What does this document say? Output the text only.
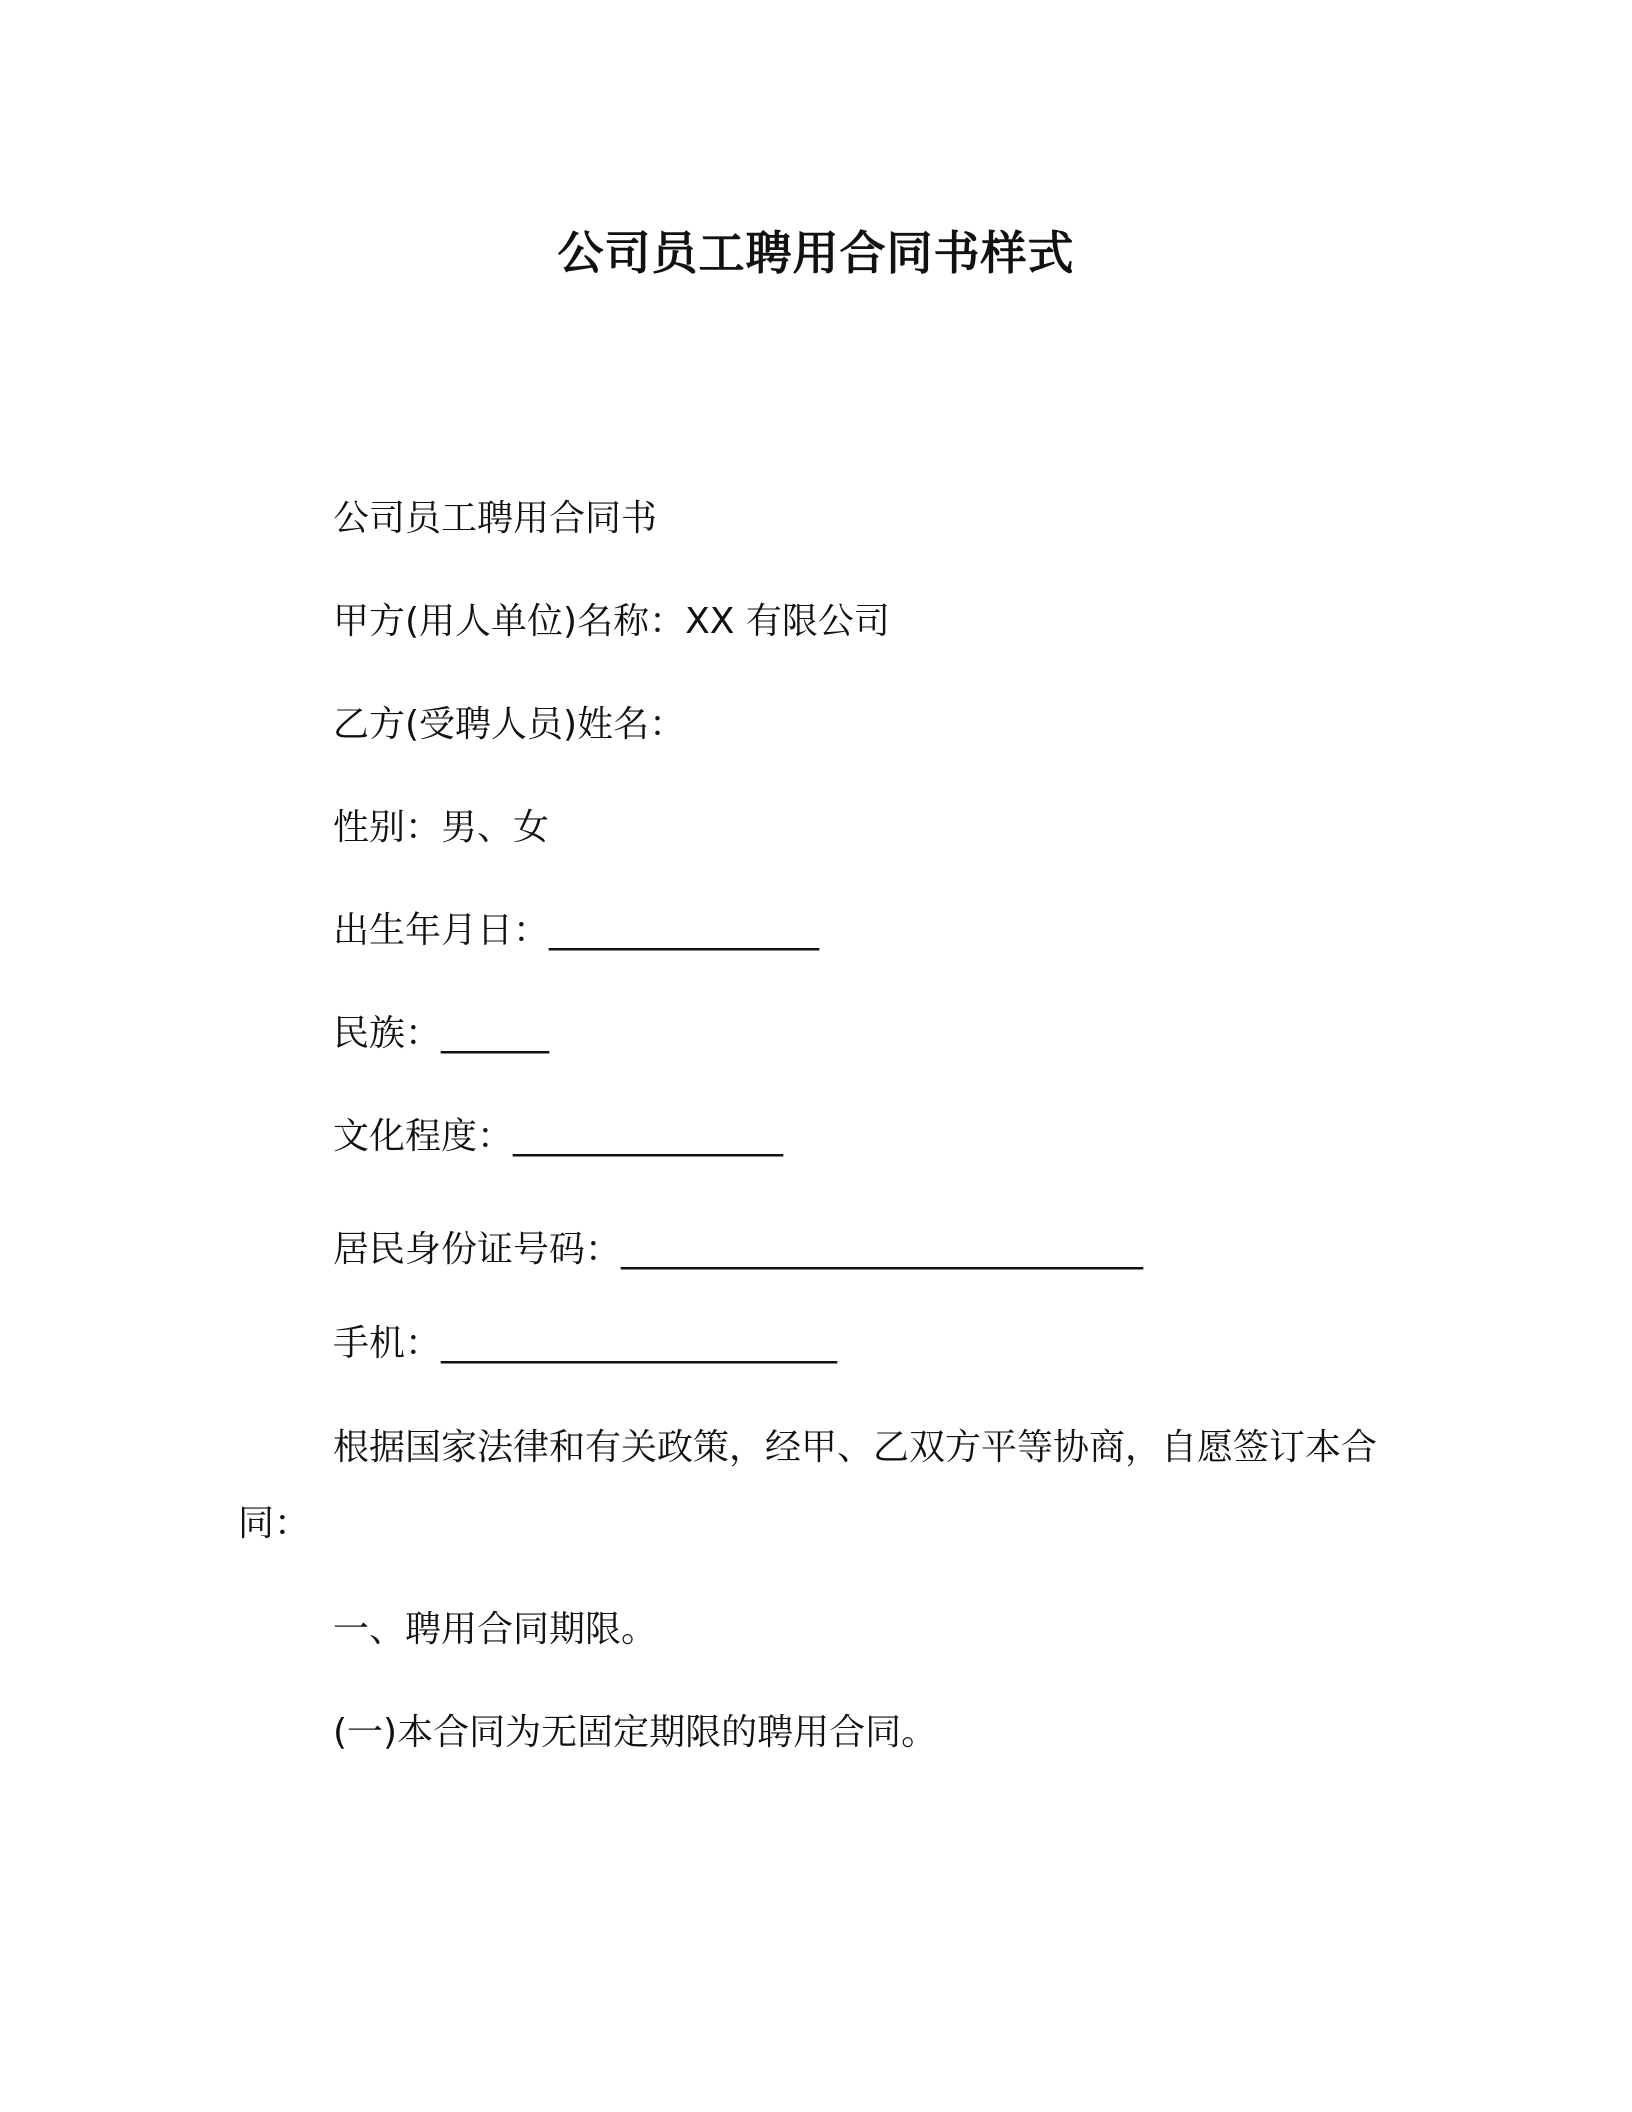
公司员工聘用合同书样式
公司员工聘用合同书
甲方(用人单位)名称：XX 有限公司
乙方(受聘人员)姓名：
性别：男、女
出生年月日：_______________
民族：______
文化程度：_______________
居民身份证号码：_____________________________
手机：______________________
根据国家法律和有关政策，经甲、乙双方平等协商，自愿签订本合同：
一、聘用合同期限。
(一)本合同为无固定期限的聘用合同。
